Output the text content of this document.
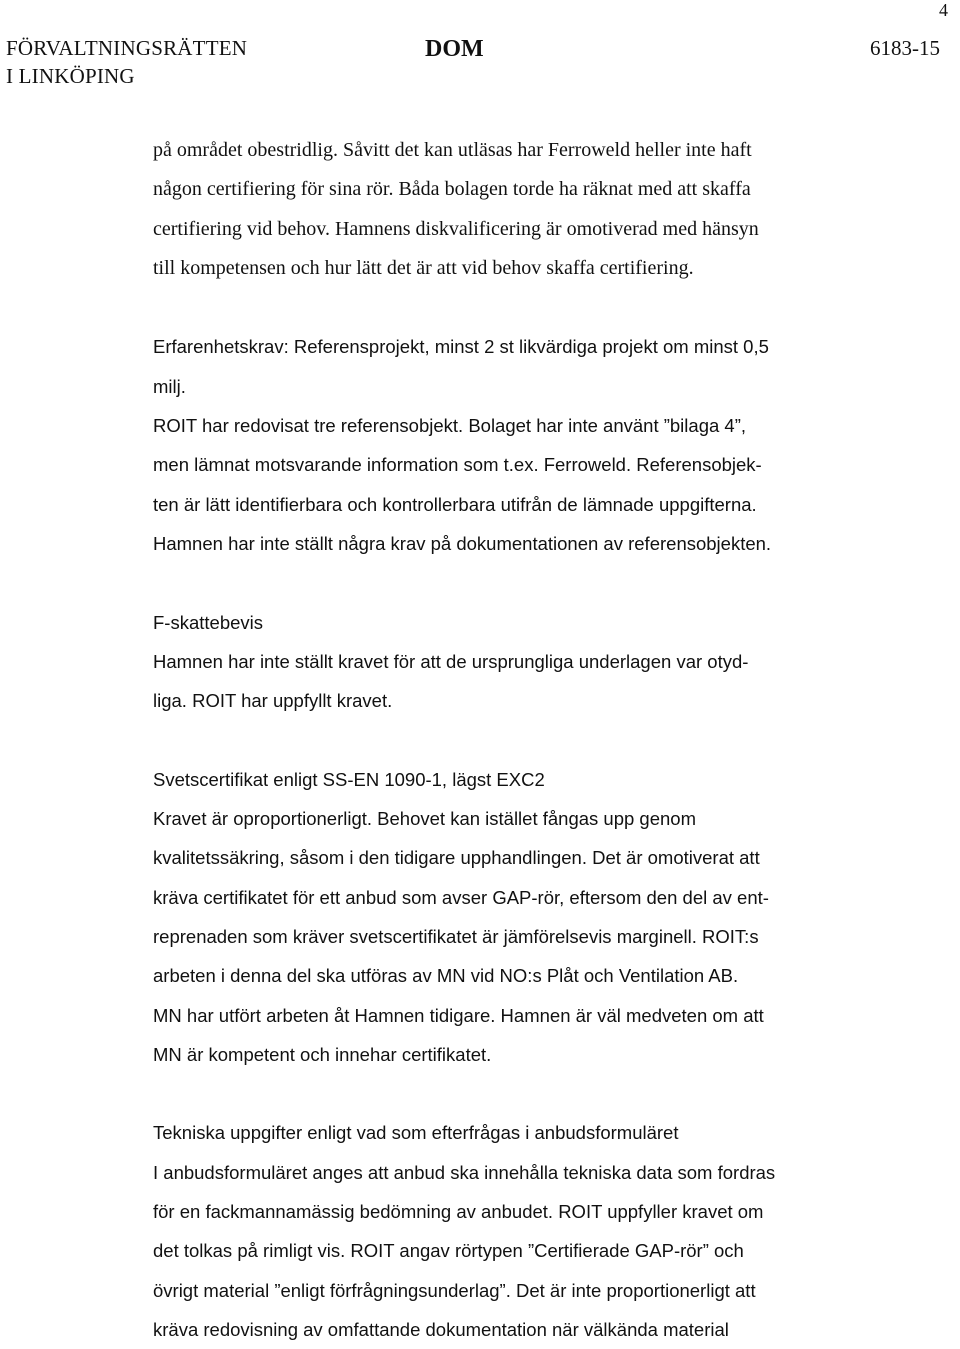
4
FÖRVALTNINGSRÄTTEN
I LINKÖPING
DOM	6183-15
på området obestridlig. Såvitt det kan utläsas har Ferroweld heller inte haft
någon certifiering för sina rör. Båda bolagen torde ha räknat med att skaffa
certifiering vid behov. Hamnens diskvalificering är omotiverad med hänsyn
till kompetensen och hur lätt det är att vid behov skaffa certifiering.
Erfarenhetskrav: Referensprojekt, minst 2 st likvärdiga projekt om minst 0,5
milj.
ROIT har redovisat tre referensobjekt. Bolaget har inte använt ”bilaga 4”,
men lämnat motsvarande information som t.ex. Ferroweld. Referensobjek-
ten är lätt identifierbara och kontrollerbara utifrån de lämnade uppgifterna.
Hamnen har inte ställt några krav på dokumentationen av referensobjekten.
F-skattebevis
Hamnen har inte ställt kravet för att de ursprungliga underlagen var otyd-
liga. ROIT har uppfyllt kravet.
Svetscertifikat enligt SS-EN 1090-1, lägst EXC2
Kravet är oproportionerligt. Behovet kan istället fångas upp genom
kvalitetssäkring, såsom i den tidigare upphandlingen. Det är omotiverat att
kräva certifikatet för ett anbud som avser GAP-rör, eftersom den del av ent-
reprenaden som kräver svetscertifikatet är jämförelsevis marginell. ROIT:s
arbeten i denna del ska utföras av MN vid NO:s Plåt och Ventilation AB.
MN har utfört arbeten åt Hamnen tidigare. Hamnen är väl medveten om att
MN är kompetent och innehar certifikatet.
Tekniska uppgifter enligt vad som efterfrågas i anbudsformuläret
I anbudsformuläret anges att anbud ska innehålla tekniska data som fordras
för en fackmannamässig bedömning av anbudet. ROIT uppfyller kravet om
det tolkas på rimligt vis. ROIT angav rörtypen ”Certifierade GAP-rör” och
övrigt material ”enligt förfrågningsunderlag”. Det är inte proportionerligt att
kräva redovisning av omfattande dokumentation när välkända material
